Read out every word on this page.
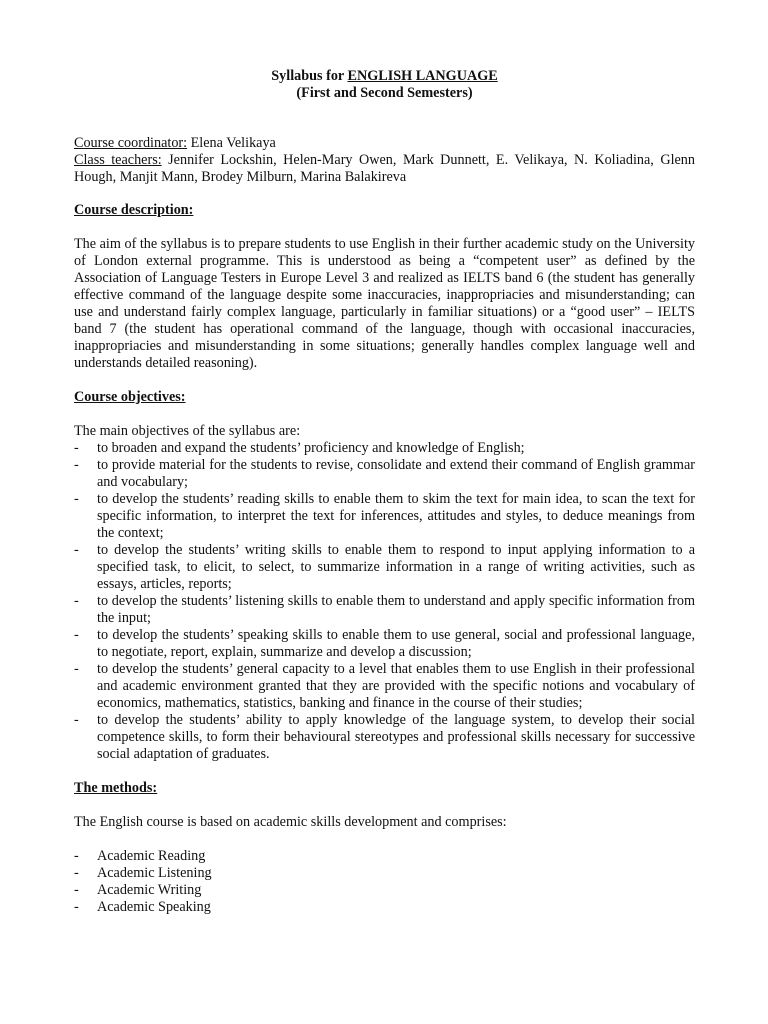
Syllabus for ENGLISH LANGUAGE
(First and Second Semesters)
Course coordinator: Elena Velikaya
Class teachers: Jennifer Lockshin, Helen-Mary Owen, Mark Dunnett, E. Velikaya, N. Koliadina, Glenn Hough, Manjit Mann, Brodey Milburn, Marina Balakireva
Course description:
The aim of the syllabus is to prepare students to use English in their further academic study on the University of London external programme. This is understood as being a “competent user” as defined by the Association of Language Testers in Europe Level 3 and realized as IELTS band 6 (the student has generally effective command of the language despite some inaccuracies, inappropriacies and misunderstanding; can use and understand fairly complex language, particularly in familiar situations) or a “good user” – IELTS band 7 (the student has operational command of the language, though with occasional inaccuracies, inappropriacies and misunderstanding in some situations; generally handles complex language well and understands detailed reasoning).
Course objectives:
The main objectives of the syllabus are:
-	to broaden and expand the students’ proficiency and knowledge of English;
-	to provide material for the students to revise, consolidate and extend their command of English grammar and vocabulary;
-	to develop the students’ reading skills to enable them to skim the text for main idea, to scan the text for specific information, to interpret the text for inferences, attitudes and styles, to deduce meanings from the context;
-	to develop the students’ writing skills to enable them to respond to input applying information to a specified task, to elicit, to select, to summarize information in a range of writing activities, such as essays, articles, reports;
-	to develop the students’ listening skills to enable them to understand and apply specific information from the input;
-	to develop the students’ speaking skills to enable them to use general, social and professional language, to negotiate, report, explain, summarize and develop a discussion;
-	to develop the students’ general capacity to a level that enables them to use English in their professional and academic environment granted that they are provided with the specific notions and vocabulary of economics, mathematics, statistics, banking and finance in the course of their studies;
-	to develop the students’ ability to apply knowledge of the language system, to develop their social competence skills, to form their behavioural stereotypes and professional skills necessary for successive social adaptation of graduates.
The methods:
The English course is based on academic skills development and comprises:
-	Academic Reading
-	Academic Listening
-	Academic Writing
-	Academic Speaking
